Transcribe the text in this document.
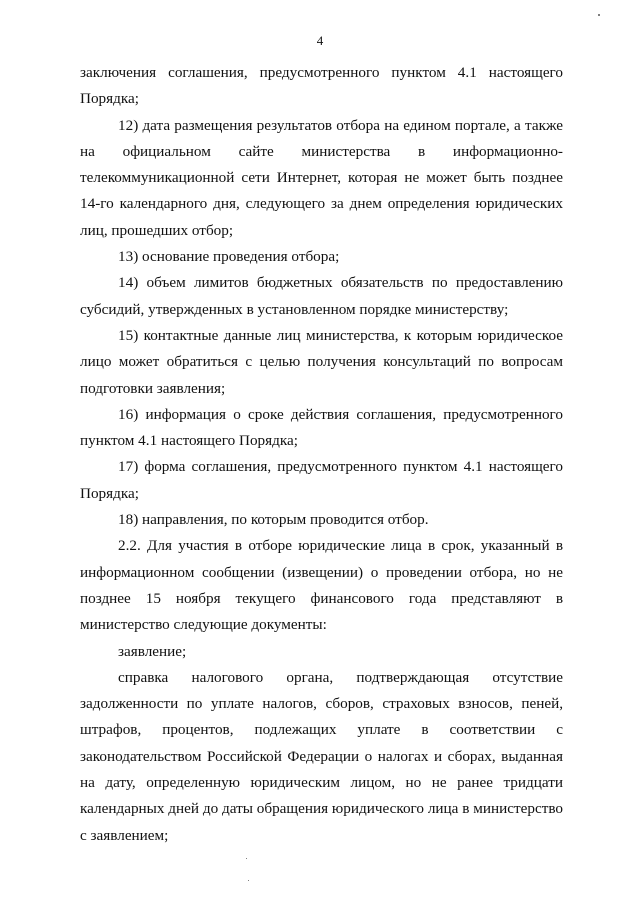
4

заключения соглашения, предусмотренного пунктом 4.1 настоящего Порядка;

12) дата размещения результатов отбора на едином портале, а также на официальном сайте министерства в информационно-телекоммуникационной сети Интернет, которая не может быть позднее 14-го календарного дня, следующего за днем определения юридических лиц, прошедших отбор;

13) основание проведения отбора;

14) объем лимитов бюджетных обязательств по предоставлению субсидий, утвержденных в установленном порядке министерству;

15) контактные данные лиц министерства, к которым юридическое лицо может обратиться с целью получения консультаций по вопросам подготовки заявления;

16) информация о сроке действия соглашения, предусмотренного пунктом 4.1 настоящего Порядка;

17) форма соглашения, предусмотренного пунктом 4.1 настоящего Порядка;

18) направления, по которым проводится отбор.

2.2. Для участия в отборе юридические лица в срок, указанный в информационном сообщении (извещении) о проведении отбора, но не позднее 15 ноября текущего финансового года представляют в министерство следующие документы:

заявление;

справка налогового органа, подтверждающая отсутствие задолженности по уплате налогов, сборов, страховых взносов, пеней, штрафов, процентов, подлежащих уплате в соответствии с законодательством Российской Федерации о налогах и сборах, выданная на дату, определенную юридическим лицом, но не ранее тридцати календарных дней до даты обращения юридического лица в министерство с заявлением;
